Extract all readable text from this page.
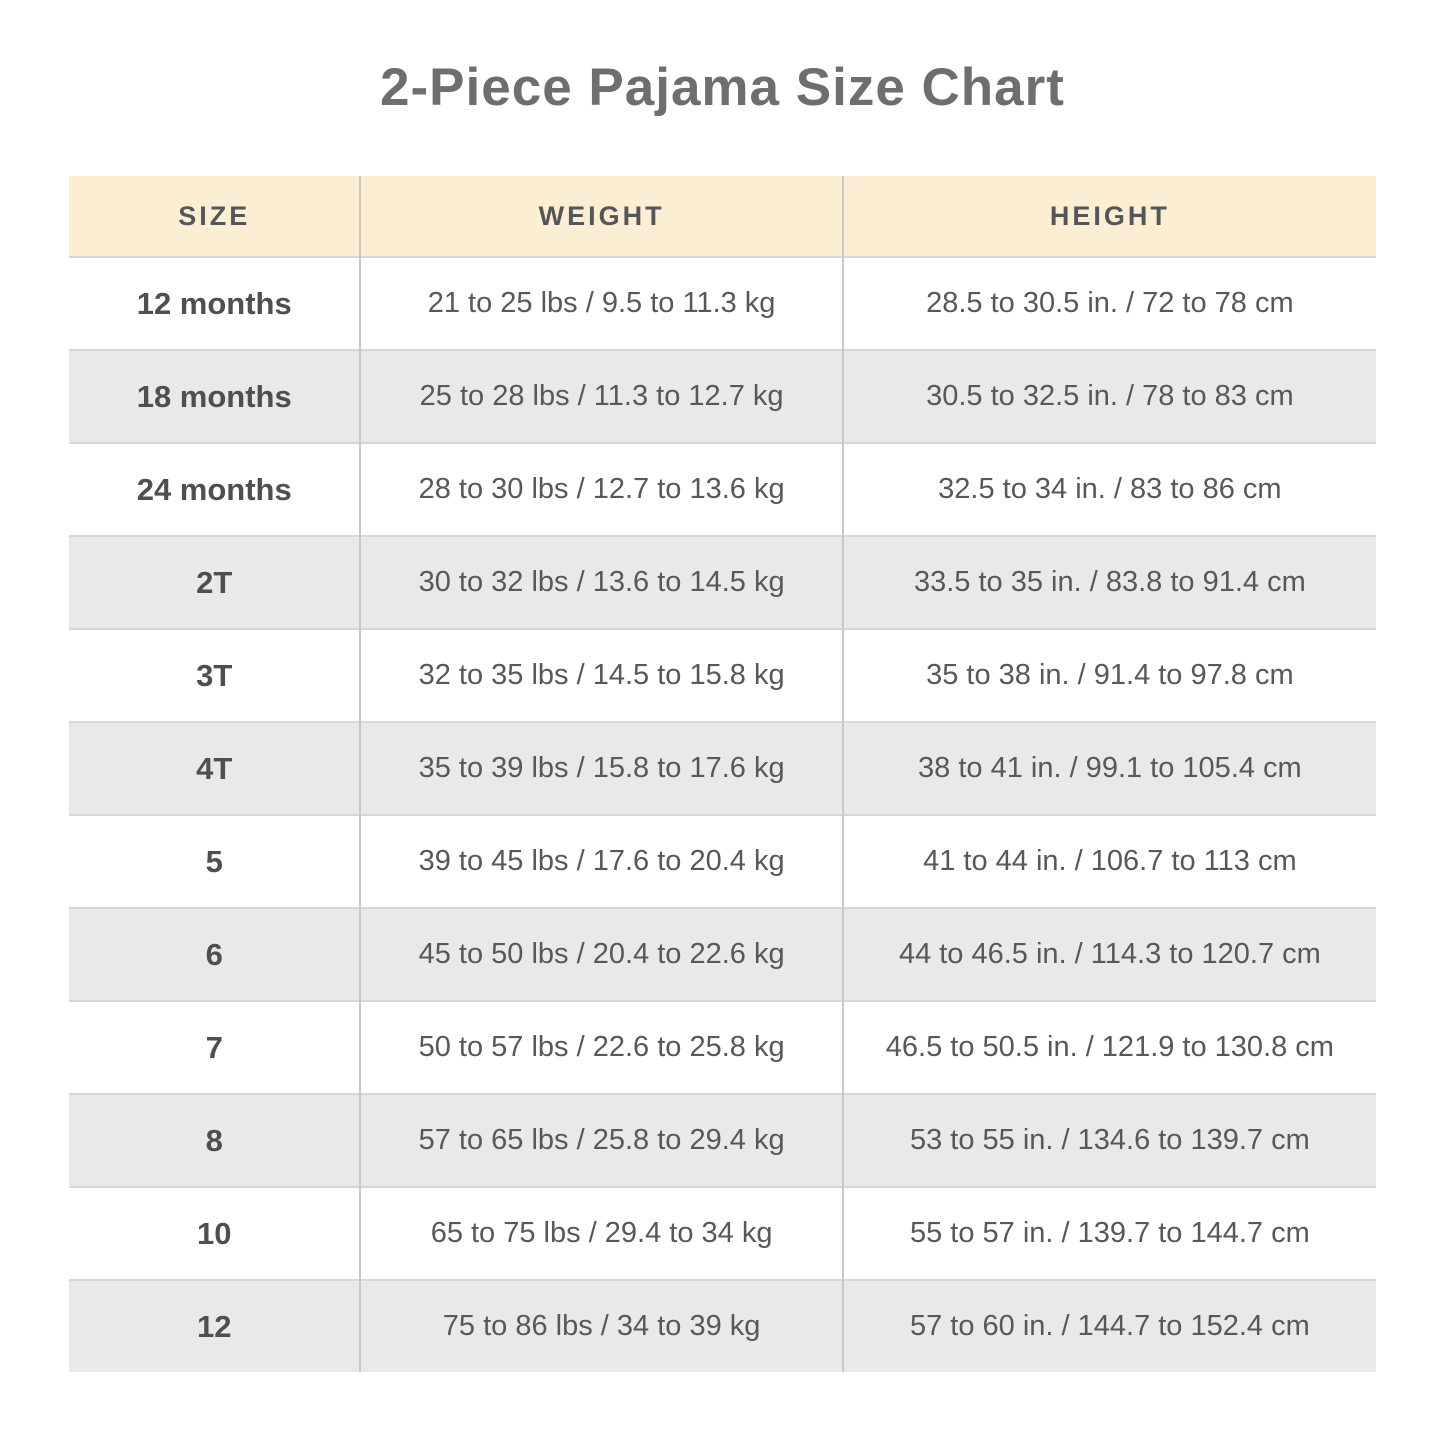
2-Piece Pajama Size Chart
SIZE	WEIGHT	HEIGHT
12 months	21 to 25 lbs / 9.5 to 11.3 kg	28.5 to 30.5 in. / 72 to 78 cm
18 months	25 to 28 lbs / 11.3 to 12.7 kg	30.5 to 32.5 in. / 78 to 83 cm
24 months	28 to 30 lbs / 12.7 to 13.6 kg	32.5 to 34 in. / 83 to 86 cm
2T	30 to 32 lbs / 13.6 to 14.5 kg	33.5 to 35 in. / 83.8 to 91.4 cm
3T	32 to 35 lbs / 14.5 to 15.8 kg	35 to 38 in. / 91.4 to 97.8 cm
4T	35 to 39 lbs / 15.8 to 17.6 kg	38 to 41 in. / 99.1 to 105.4 cm
5	39 to 45 lbs / 17.6 to 20.4 kg	41 to 44 in. / 106.7 to 113 cm
6	45 to 50 lbs / 20.4 to 22.6 kg	44 to 46.5 in. / 114.3 to 120.7 cm
7	50 to 57 lbs / 22.6 to 25.8 kg	46.5 to 50.5 in. / 121.9 to 130.8 cm
8	57 to 65 lbs / 25.8 to 29.4 kg	53 to 55 in. / 134.6 to 139.7 cm
10	65 to 75 lbs / 29.4 to 34 kg	55 to 57 in. / 139.7 to 144.7 cm
12	75 to 86 lbs / 34 to 39 kg	57 to 60 in. / 144.7 to 152.4 cm
